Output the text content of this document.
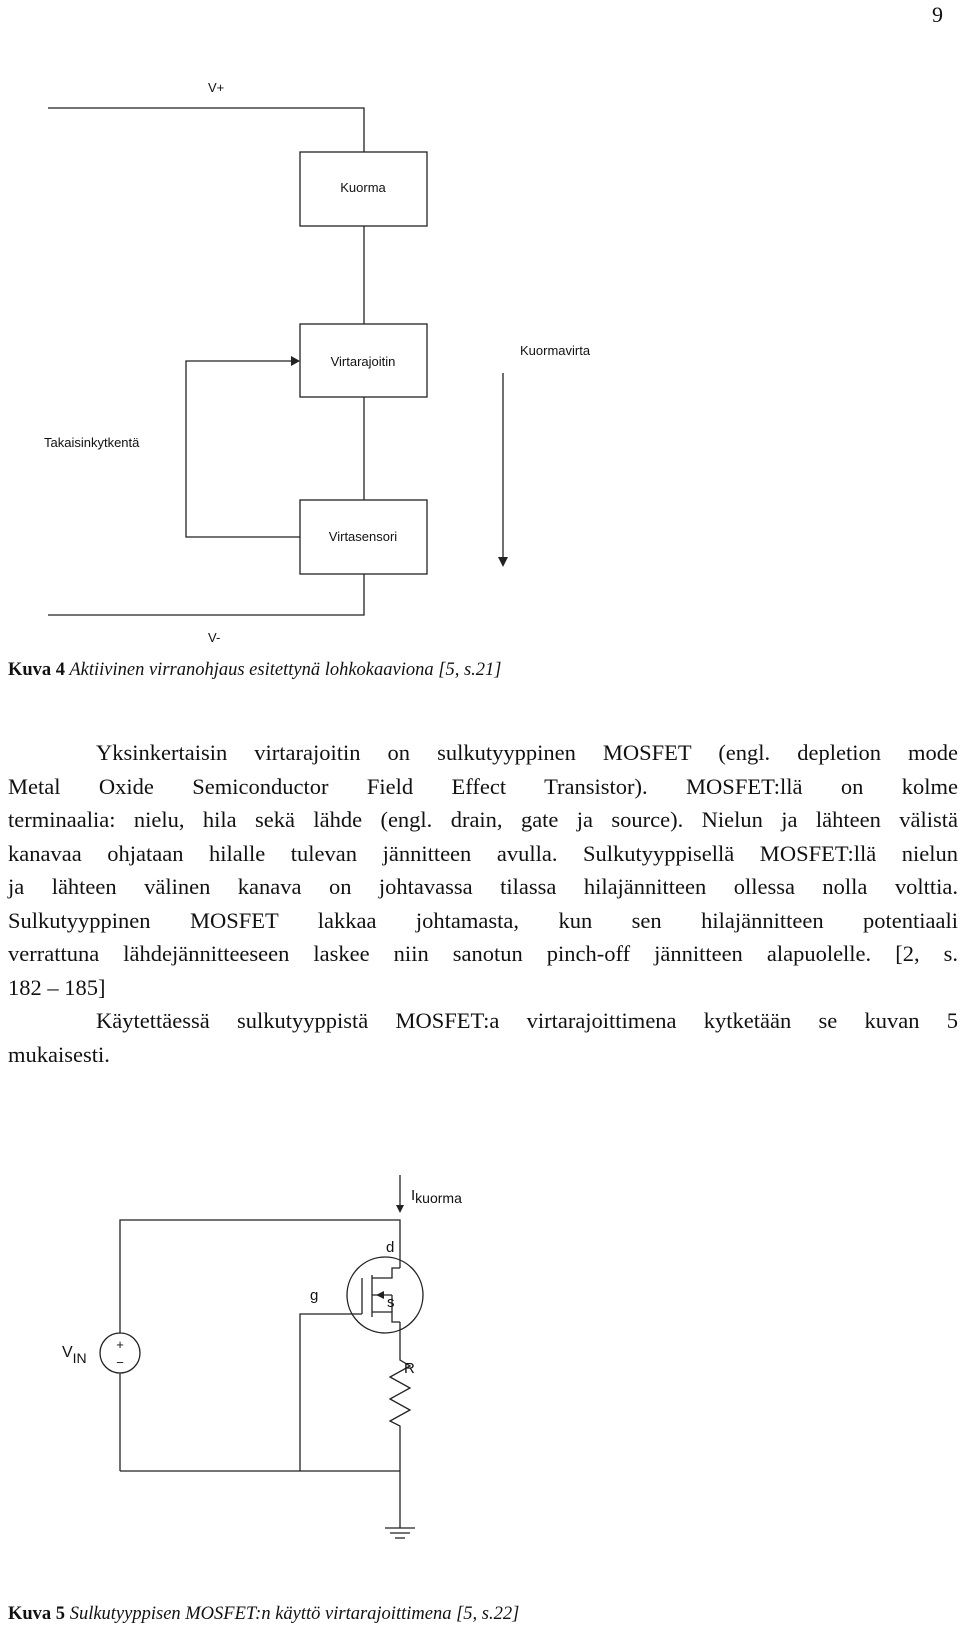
9
V+
Kuorma
Virtarajoitin
Virtasensori
Kuormavirta
Takaisinkytkentä
V-
Kuva 4 Aktiivinen virranohjaus esitettynä lohkokaaviona [5, s.21]
Yksinkertaisin virtarajoitin on sulkutyyppinen MOSFET (engl. depletion mode
Metal Oxide Semiconductor Field Effect Transistor). MOSFET:llä on kolme
terminaalia: nielu, hila sekä lähde (engl. drain, gate ja source). Nielun ja lähteen välistä
kanavaa ohjataan hilalle tulevan jännitteen avulla. Sulkutyyppisellä MOSFET:llä nielun
ja lähteen välinen kanava on johtavassa tilassa hilajännitteen ollessa nolla volttia.
Sulkutyyppinen MOSFET lakkaa johtamasta, kun sen hilajännitteen potentiaali
verrattuna lähdejännitteeseen laskee niin sanotun pinch-off jännitteen alapuolelle. [2, s.
182 – 185]
Käytettäessä sulkutyyppistä MOSFET:a virtarajoittimena kytketään se kuvan 5
mukaisesti.
Ikuorma
VIN
+
−
g
d
s
R
Kuva 5 Sulkutyyppisen MOSFET:n käyttö virtarajoittimena [5, s.22]
